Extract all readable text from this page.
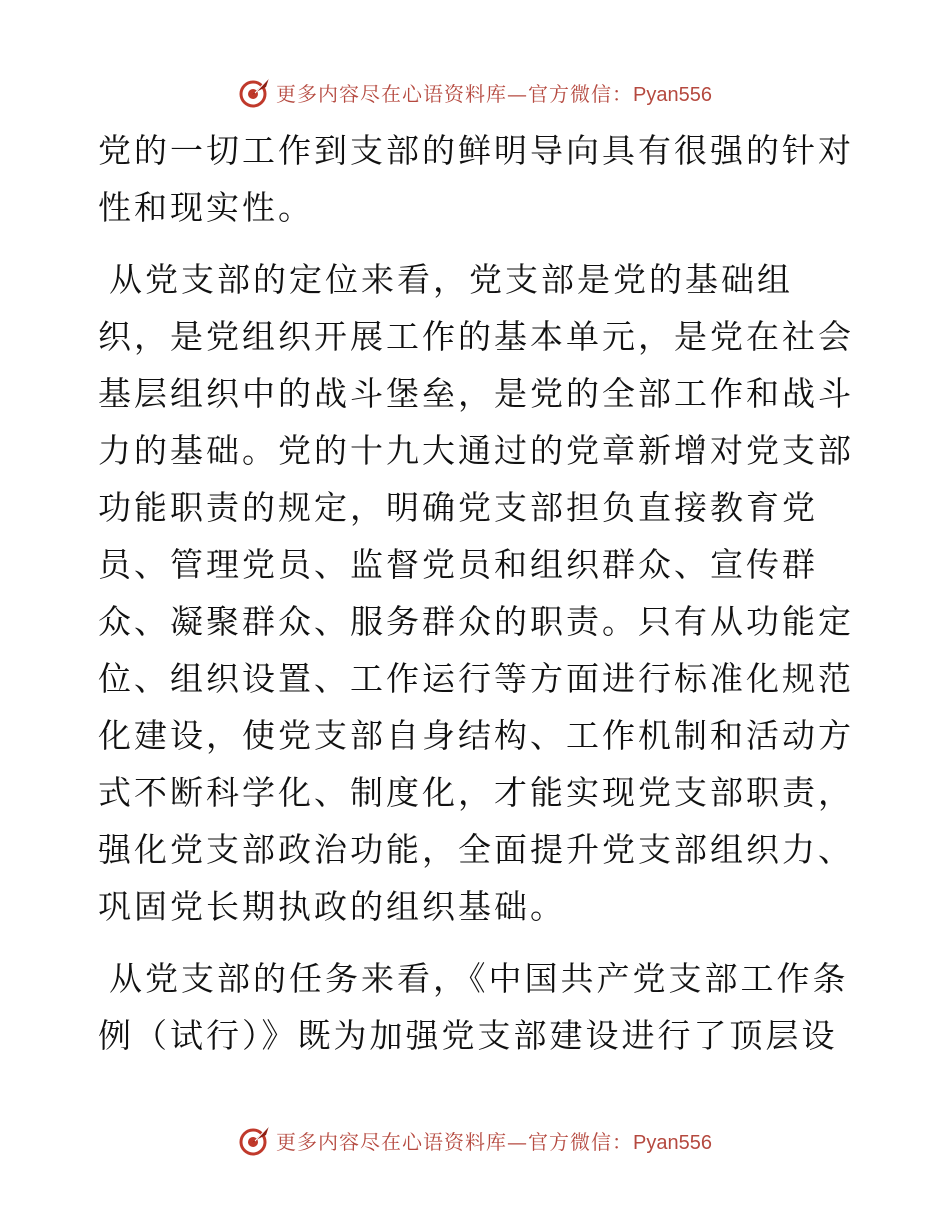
更多内容尽在心语资料库—官方微信：Pyan556

党的一切工作到支部的鲜明导向具有很强的针对性和现实性。

从党支部的定位来看，党支部是党的基础组织，是党组织开展工作的基本单元，是党在社会基层组织中的战斗堡垒，是党的全部工作和战斗力的基础。党的十九大通过的党章新增对党支部功能职责的规定，明确党支部担负直接教育党员、管理党员、监督党员和组织群众、宣传群众、凝聚群众、服务群众的职责。只有从功能定位、组织设置、工作运行等方面进行标准化规范化建设，使党支部自身结构、工作机制和活动方式不断科学化、制度化，才能实现党支部职责，强化党支部政治功能，全面提升党支部组织力、巩固党长期执政的组织基础。

从党支部的任务来看，《中国共产党支部工作条例（试行）》既为加强党支部建设进行了顶层设

更多内容尽在心语资料库—官方微信：Pyan556
